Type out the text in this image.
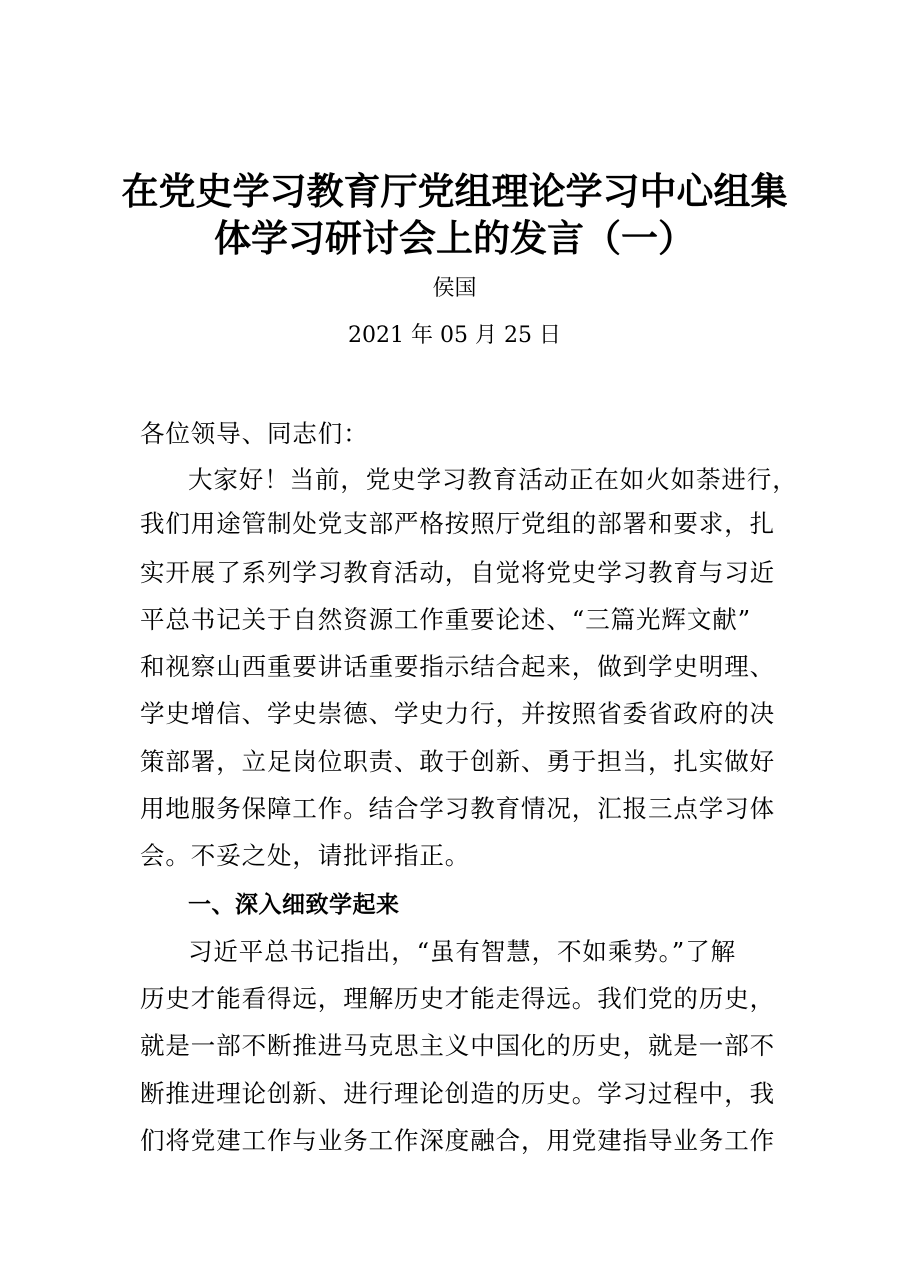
在党史学习教育厅党组理论学习中心组集
体学习研讨会上的发言（一）
侯国
2021 年 05 月 25 日
各位领导、同志们：
大家好！当前，党史学习教育活动正在如火如荼进行，
我们用途管制处党支部严格按照厅党组的部署和要求，扎
实开展了系列学习教育活动，自觉将党史学习教育与习近
平总书记关于自然资源工作重要论述、“三篇光辉文献”
和视察山西重要讲话重要指示结合起来，做到学史明理、
学史增信、学史崇德、学史力行，并按照省委省政府的决
策部署，立足岗位职责、敢于创新、勇于担当，扎实做好
用地服务保障工作。结合学习教育情况，汇报三点学习体
会。不妥之处，请批评指正。
一、深入细致学起来
习近平总书记指出，“虽有智慧，不如乘势。”了解
历史才能看得远，理解历史才能走得远。我们党的历史，
就是一部不断推进马克思主义中国化的历史，就是一部不
断推进理论创新、进行理论创造的历史。学习过程中，我
们将党建工作与业务工作深度融合，用党建指导业务工作
